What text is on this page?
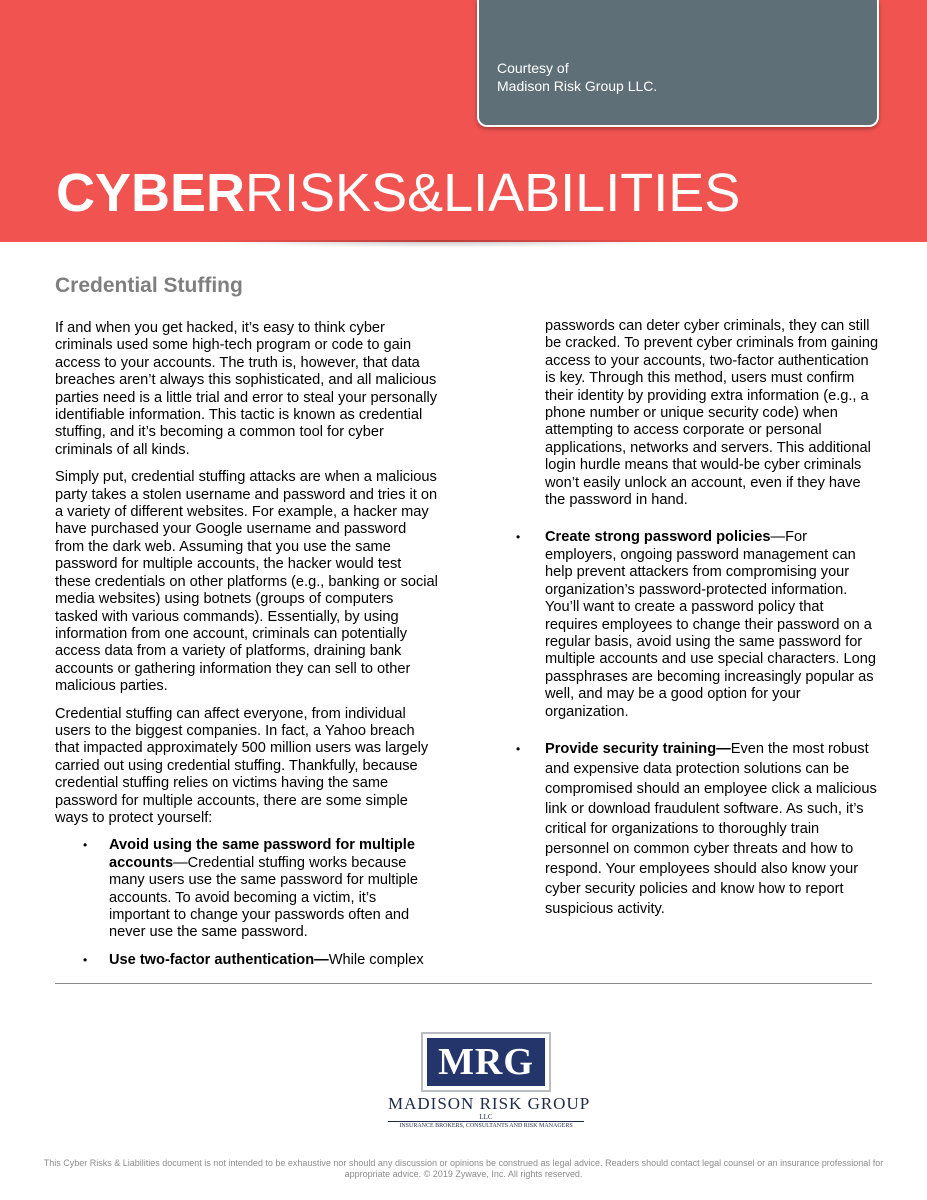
Courtesy of
Madison Risk Group LLC.
CYBERRISKS&LIABILITIES
Credential Stuffing

If and when you get hacked, it’s easy to think cyber criminals used some high-tech program or code to gain access to your accounts. The truth is, however, that data breaches aren’t always this sophisticated, and all malicious parties need is a little trial and error to steal your personally identifiable information. This tactic is known as credential stuffing, and it’s becoming a common tool for cyber criminals of all kinds.

Simply put, credential stuffing attacks are when a malicious party takes a stolen username and password and tries it on a variety of different websites. For example, a hacker may have purchased your Google username and password from the dark web. Assuming that you use the same password for multiple accounts, the hacker would test these credentials on other platforms (e.g., banking or social media websites) using botnets (groups of computers tasked with various commands). Essentially, by using information from one account, criminals can potentially access data from a variety of platforms, draining bank accounts or gathering information they can sell to other malicious parties.

Credential stuffing can affect everyone, from individual users to the biggest companies. In fact, a Yahoo breach that impacted approximately 500 million users was largely carried out using credential stuffing. Thankfully, because credential stuffing relies on victims having the same password for multiple accounts, there are some simple ways to protect yourself:

• Avoid using the same password for multiple accounts—Credential stuffing works because many users use the same password for multiple accounts. To avoid becoming a victim, it’s important to change your passwords often and never use the same password.
• Use two-factor authentication—While complex

passwords can deter cyber criminals, they can still be cracked. To prevent cyber criminals from gaining access to your accounts, two-factor authentication is key. Through this method, users must confirm their identity by providing extra information (e.g., a phone number or unique security code) when attempting to access corporate or personal applications, networks and servers. This additional login hurdle means that would-be cyber criminals won’t easily unlock an account, even if they have the password in hand.

• Create strong password policies—For employers, ongoing password management can help prevent attackers from compromising your organization’s password-protected information. You’ll want to create a password policy that requires employees to change their password on a regular basis, avoid using the same password for multiple accounts and use special characters. Long passphrases are becoming increasingly popular as well, and may be a good option for your organization.
• Provide security training—Even the most robust and expensive data protection solutions can be compromised should an employee click a malicious link or download fraudulent software. As such, it’s critical for organizations to thoroughly train personnel on common cyber threats and how to respond. Your employees should also know your cyber security policies and know how to report suspicious activity.
MRG
MADISON RISK GROUP
LLC
INSURANCE BROKERS, CONSULTANTS AND RISK MANAGERS
This Cyber Risks & Liabilities document is not intended to be exhaustive nor should any discussion or opinions be construed as legal advice. Readers should contact legal counsel or an insurance professional for appropriate advice. © 2019 Zywave, Inc. All rights reserved.
